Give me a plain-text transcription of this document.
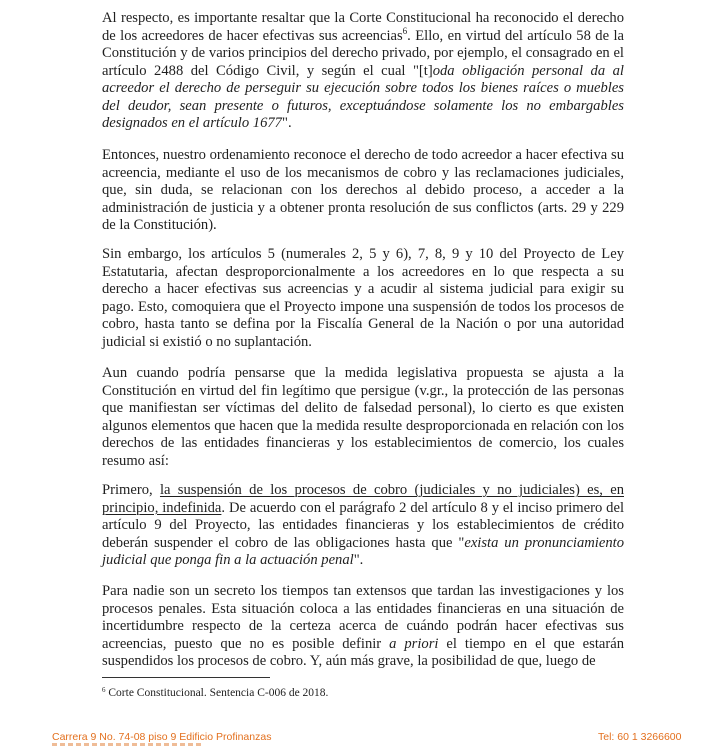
Al respecto, es importante resaltar que la Corte Constitucional ha reconocido el derecho de los acreedores de hacer efectivas sus acreencias$^6$. Ello, en virtud del artículo 58 de la Constitución y de varios principios del derecho privado, por ejemplo, el consagrado en el artículo 2488 del Código Civil, y según el cual "[t]oda obligación personal da al acreedor el derecho de perseguir su ejecución sobre todos los bienes raíces o muebles del deudor, sean presente o futuros, exceptuándose solamente los no embargables designados en el artículo 1677".

Entonces, nuestro ordenamiento reconoce el derecho de todo acreedor a hacer efectiva su acreencia, mediante el uso de los mecanismos de cobro y las reclamaciones judiciales, que, sin duda, se relacionan con los derechos al debido proceso, a acceder a la administración de justicia y a obtener pronta resolución de sus conflictos (arts. 29 y 229 de la Constitución).

Sin embargo, los artículos 5 (numerales 2, 5 y 6), 7, 8, 9 y 10 del Proyecto de Ley Estatutaria, afectan desproporcionalmente a los acreedores en lo que respecta a su derecho a hacer efectivas sus acreencias y a acudir al sistema judicial para exigir su pago. Esto, comoquiera que el Proyecto impone una suspensión de todos los procesos de cobro, hasta tanto se defina por la Fiscalía General de la Nación o por una autoridad judicial si existió o no suplantación.

Aun cuando podría pensarse que la medida legislativa propuesta se ajusta a la Constitución en virtud del fin legítimo que persigue (v.gr., la protección de las personas que manifiestan ser víctimas del delito de falsedad personal), lo cierto es que existen algunos elementos que hacen que la medida resulte desproporcionada en relación con los derechos de las entidades financieras y los establecimientos de comercio, los cuales resumo así:

Primero, la suspensión de los procesos de cobro (judiciales y no judiciales) es, en principio, indefinida. De acuerdo con el parágrafo 2 del artículo 8 y el inciso primero del artículo 9 del Proyecto, las entidades financieras y los establecimientos de crédito deberán suspender el cobro de las obligaciones hasta que "exista un pronunciamiento judicial que ponga fin a la actuación penal".

Para nadie son un secreto los tiempos tan extensos que tardan las investigaciones y los procesos penales. Esta situación coloca a las entidades financieras en una situación de incertidumbre respecto de la certeza acerca de cuándo podrán hacer efectivas sus acreencias, puesto que no es posible definir a priori el tiempo en el que estarán suspendidos los procesos de cobro. Y, aún más grave, la posibilidad de que, luego de

$^6$ Corte Constitucional. Sentencia C-006 de 2018.

Carrera 9 No. 74-08 piso 9 Edificio Profinanzas	Tel: 60 1 3266600
